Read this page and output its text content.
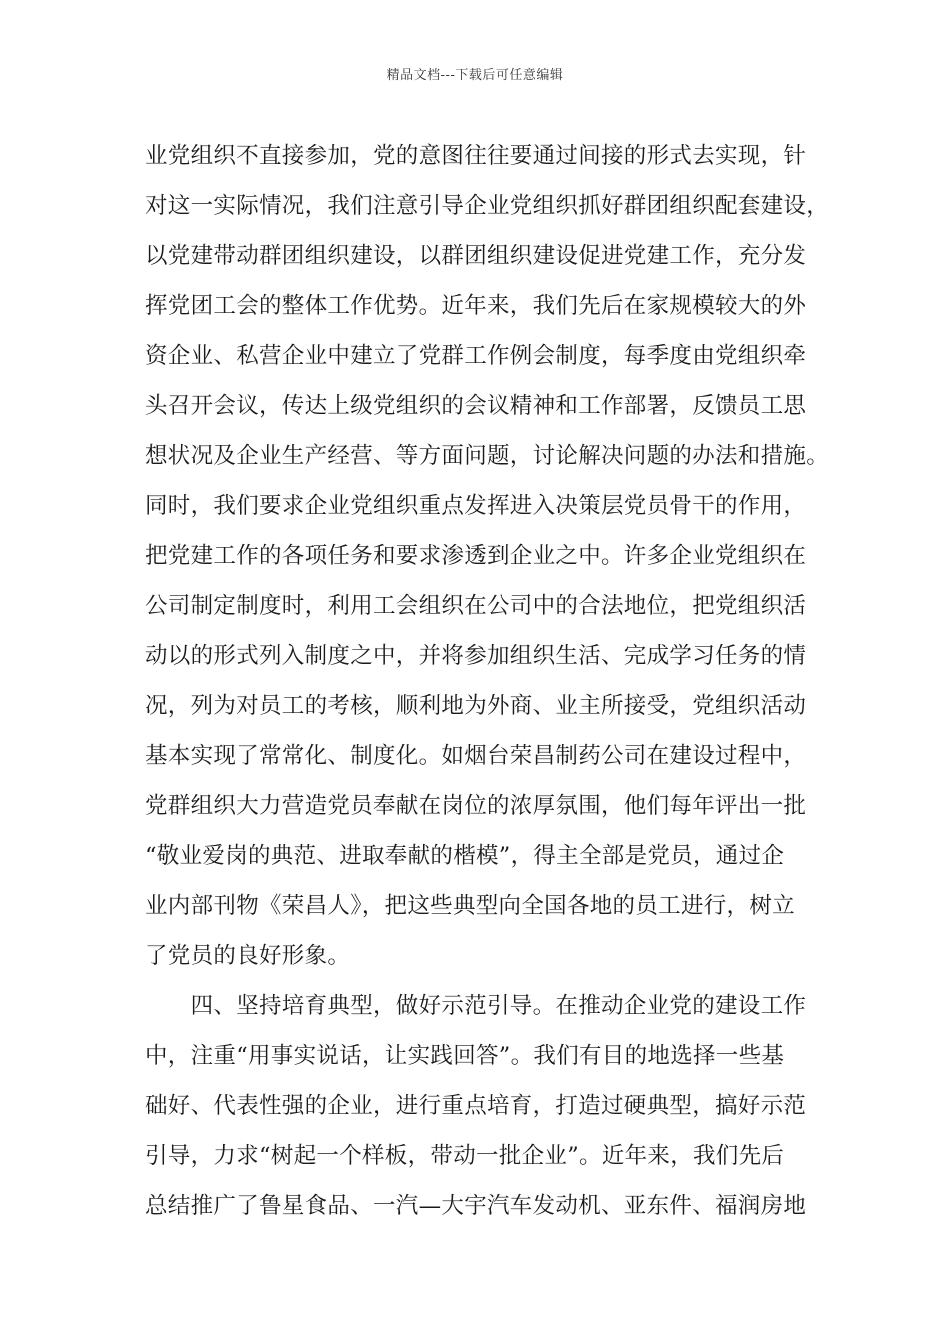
精品文档---下载后可任意编辑
业党组织不直接参加，党的意图往往要通过间接的形式去实现，针
对这一实际情况，我们注意引导企业党组织抓好群团组织配套建设，
以党建带动群团组织建设，以群团组织建设促进党建工作，充分发
挥党团工会的整体工作优势。近年来，我们先后在家规模较大的外
资企业、私营企业中建立了党群工作例会制度，每季度由党组织牵
头召开会议，传达上级党组织的会议精神和工作部署，反馈员工思
想状况及企业生产经营、等方面问题，讨论解决问题的办法和措施。
同时，我们要求企业党组织重点发挥进入决策层党员骨干的作用，
把党建工作的各项任务和要求渗透到企业之中。许多企业党组织在
公司制定制度时，利用工会组织在公司中的合法地位，把党组织活
动以的形式列入制度之中，并将参加组织生活、完成学习任务的情
况，列为对员工的考核，顺利地为外商、业主所接受，党组织活动
基本实现了常常化、制度化。如烟台荣昌制药公司在建设过程中，
党群组织大力营造党员奉献在岗位的浓厚氛围，他们每年评出一批
“敬业爱岗的典范、进取奉献的楷模”，得主全部是党员，通过企
业内部刊物《荣昌人》，把这些典型向全国各地的员工进行，树立
了党员的良好形象。
　　四、坚持培育典型，做好示范引导。在推动企业党的建设工作
中，注重“用事实说话，让实践回答”。我们有目的地选择一些基
础好、代表性强的企业，进行重点培育，打造过硬典型，搞好示范
引导，力求“树起一个样板，带动一批企业”。近年来，我们先后
总结推广了鲁星食品、一汽—大宇汽车发动机、亚东件、福润房地
